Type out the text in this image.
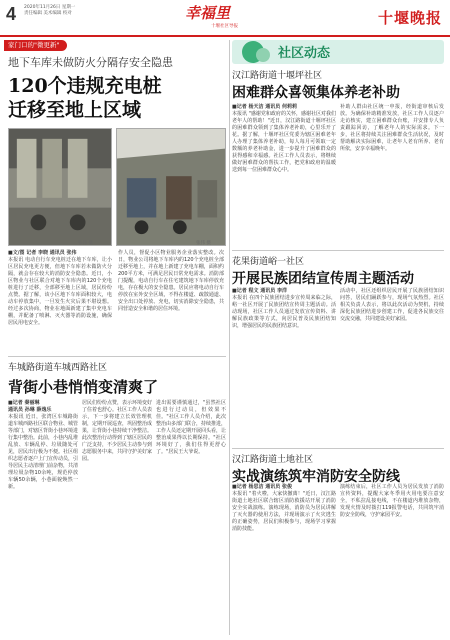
4 2020年11月26日 星期一
责任编辑 美术编辑 校对	幸福里
十堰社区导报	十堰晚报
家门口的"微更新"
地下车库未做防火分隔存安全隐患
120个违规充电桩
迁移至地上区域
张伟 摄	张伟 摄
■文/图 记者 李晓 通讯员 张伟
本报讯 电动自行车充电桩迁在地下车库，让小区居民充电更方便，但地下车库若未做防火分隔，就会存在较大的消防安全隐患。近日，小区物业与社区联合对地下车库内的120个充电桩进行了迁移，全部移至地上区域，居民纷纷点赞。据了解，该小区地下车库面积较大，电动车停放集中，一旦发生火灾后果不堪设想。经过多次协商，物业在地面新建了集中充电车棚，并配备了喷淋、灭火器等消防设施，确保居民用电安全。
作人员，督促小区物业服务企业落实整改。次日，物业公司将地下车库内的120个充电桩全部迁移至地上，并在地上新建了充电车棚，面积约200平方米，可满足居民日常充电需求。消防部门提醒，电动自行车在住宅建筑地下车库停放充电，存在极大的安全隐患。居民应将电动自行车停放在室外安全区域，不得在楼道、疏散通道、安全出口处停放、充电，切实消除安全隐患，共同营造安全和谐的居住环境。
车城路街道车城西路社区
背街小巷悄悄变清爽了
■记者 秦丽琳
通讯员 孙琳 薛逸乐
本报讯 近日，张湾区车城路街道车城西路社区联合物业、城管等部门，对辖区背街小巷环境进行集中整治。此前，小巷内乱堆乱放、车辆乱停、垃圾随处可见，居民出行极为不便。社区组织志愿者逐户上门宣传动员，引导居民主动清理门前杂物，共清理垃圾杂物10余吨，规范停放车辆50余辆，小巷面貌焕然一新。
居民们纷纷点赞，表示环境变好了住着也舒心。社区工作人员表示，下一步将建立长效管理机制，定期开展巡查，巩固整治成果，让背街小巷持续干净整洁。此次整治行动得到了辖区居民的广泛支持，不少居民主动参与到志愿服务中来，共同守护美好家园。
进出需要谨慎通过，"虽然社区也进行过动员，但效果不佳。"社区工作人员介绍，此次整治由多部门联合，持续推进，工作人员还定期开展回头看，让整治成果得以长期保持。"社区环境好了，我们住得更舒心了。"居民王大爷说。
社区动态
汉江路街道十堰坪社区
困难群众喜领集体养老补助
■记者 杨天洁 通讯员 何莉莉
本报讯 "感谢党和政府的关怀，感谢社区对我们老年人的帮助！"近日，汉江路街道十堰坪社区的困难群众领到了集体养老补助，心里乐开了花。据了解，十堰坪社区党委为辖区困难老年人办理了集体养老补助，每人每月可领取一定数额的养老补助金，进一步提升了困难群众的获得感和幸福感。社区工作人员表示，将继续做好困难群众的帮扶工作，把党和政府的温暖送到每一位困难群众心中。
补助人群由社区统一申报，经街道审核后发放。为确保补助精准发放，社区工作人员逐户走访核实，建立困难群众台账，并安排专人负责跟踪回访，了解老年人的实际需求。下一步，社区将持续关注困难群众生活状况，及时帮助解决实际困难，让老年人老有所养、老有所依，安享幸福晚年。
花果街道峪一社区
开展民族团结宣传周主题活动
■记者 程文 通讯员 李洋
本报讯 在四个民族团结进步宣传周来临之际，峪一社区开展了民族团结宣传周主题活动。活动现场，社区工作人员通过发放宣传资料、讲解民族政策等方式，向居民普及民族团结知识，增强居民的民族团结意识。
活动中，社区还组织居民开展了民族团结知识问答，居民们踊跃参与，现场气氛热烈。社区相关负责人表示，将以此次活动为契机，持续深化民族团结进步创建工作，促进各民族交往交流交融，共同建设美好家园。
汉江路街道土地社区
实战演练筑牢消防安全防线
■记者 杨思洁 通讯员 张俊
本报讯 "着火啦，大家快撤离！"近日，汉江路街道土地社区联合辖区消防救援站开展了消防安全实战演练。演练现场，消防员为居民讲解了灭火器的使用方法，并现场演示了火灾逃生的正确姿势，居民们积极参与，现场学习掌握消防技能。
演练结束后，社区工作人员为居民发放了消防宣传资料，提醒大家冬季用火用电要注意安全，不私拉乱接电线，不在楼道内堆放杂物，发现火情及时拨打119报警电话，共同筑牢消防安全防线，守护家园平安。
